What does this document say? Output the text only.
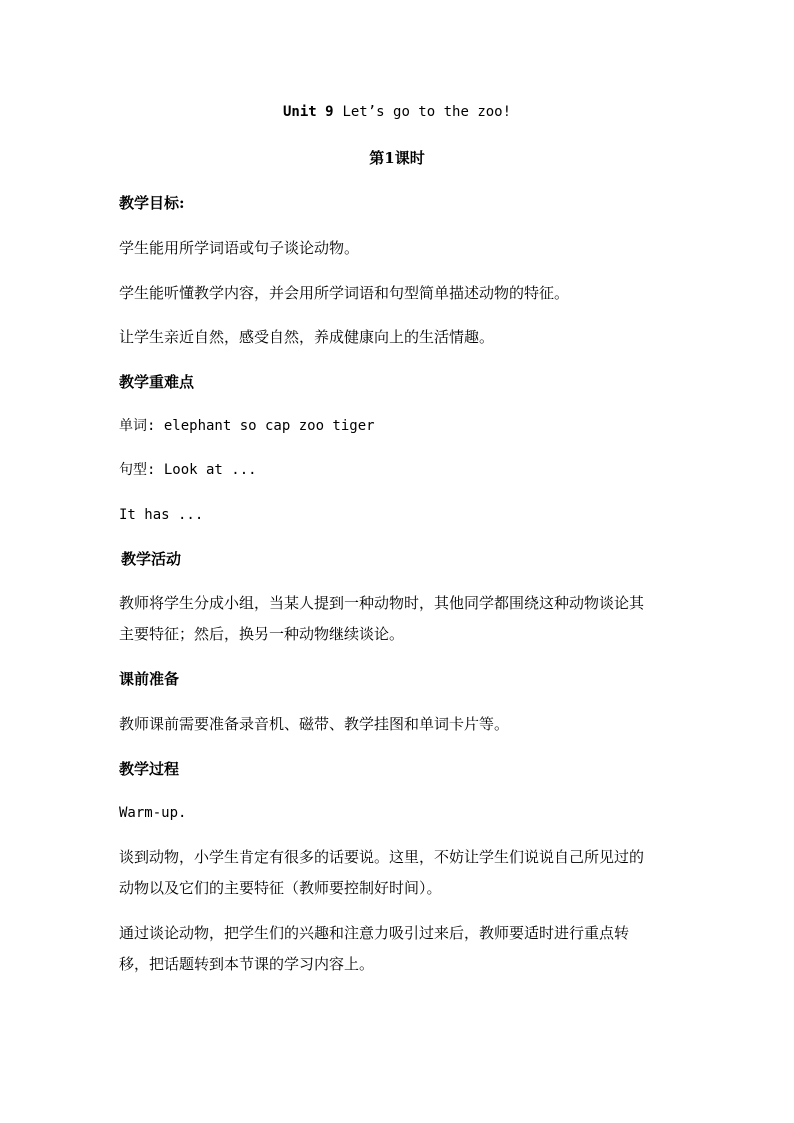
Unit 9 Let’s go to the zoo!
第1课时
教学目标:
学生能用所学词语或句子谈论动物。
学生能听懂教学内容，并会用所学词语和句型简单描述动物的特征。
让学生亲近自然，感受自然，养成健康向上的生活情趣。
教学重难点
单词: elephant so cap zoo tiger
句型: Look at ...
It has ...
教学活动
教师将学生分成小组，当某人提到一种动物时，其他同学都围绕这种动物谈论其
主要特征；然后，换另一种动物继续谈论。
课前准备
教师课前需要准备录音机、磁带、教学挂图和单词卡片等。
教学过程
Warm-up.
谈到动物，小学生肯定有很多的话要说。这里，不妨让学生们说说自己所见过的
动物以及它们的主要特征（教师要控制好时间）。
通过谈论动物，把学生们的兴趣和注意力吸引过来后，教师要适时进行重点转
移，把话题转到本节课的学习内容上。
